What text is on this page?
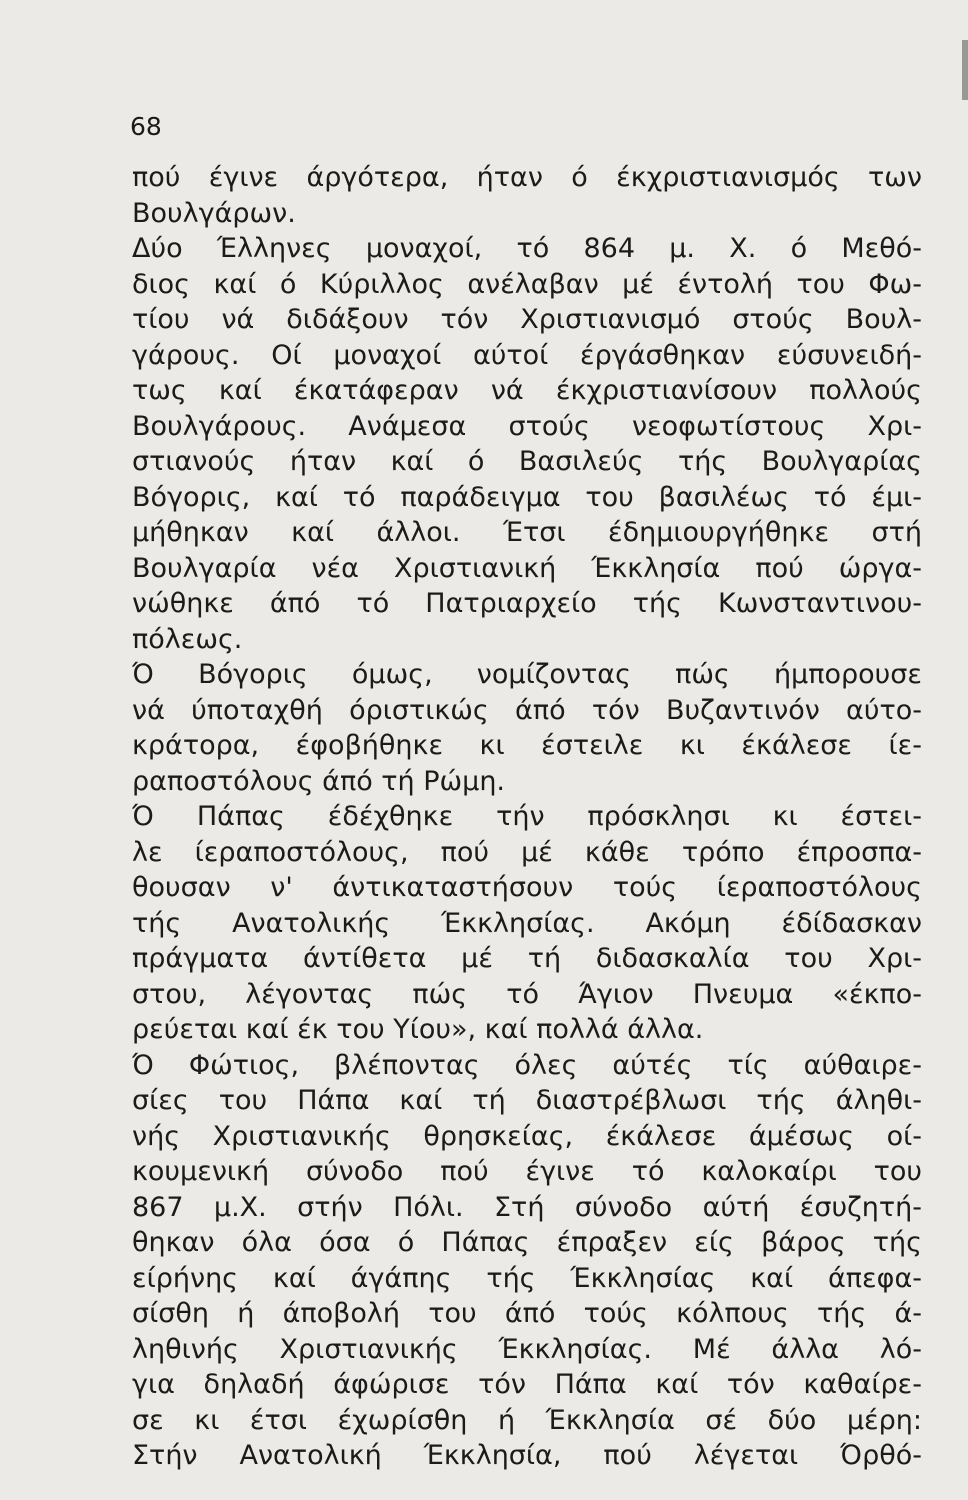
68
πού έγινε άργότερα, ήταν ό έκχριστιανισμός των
Βουλγάρων.
Δύο Έλληνες μοναχοί, τό 864 μ. Χ. ό Μεθό-
διος καί ό Κύριλλος ανέλαβαν μέ έντολή του Φω-
τίου νά διδάξουν τόν Χριστιανισμό στούς Βουλ-
γάρους. Οί μοναχοί αύτοί έργάσθηκαν εύσυνειδή-
τως καί έκατάφεραν νά έκχριστιανίσουν πολλούς
Βουλγάρους. Ανάμεσα στούς νεοφωτίστους Χρι-
στιανούς ήταν καί ό Βασιλεύς τής Βουλγαρίας
Βόγορις, καί τό παράδειγμα του βασιλέως τό έμι-
μήθηκαν καί άλλοι. Έτσι έδημιουργήθηκε στή
Βουλγαρία νέα Χριστιανική Έκκλησία πού ώργα-
νώθηκε άπό τό Πατριαρχείο τής Κωνσταντινου-
πόλεως.
Ό Βόγορις όμως, νομίζοντας πώς ήμπορουσε
νά ύποταχθή όριστικώς άπό τόν Βυζαντινόν αύτο-
κράτορα, έφοβήθηκε κι έστειλε κι έκάλεσε ίε-
ραποστόλους άπό τή Ρώμη.
Ό Πάπας έδέχθηκε τήν πρόσκλησι κι έστει-
λε ίεραποστόλους, πού μέ κάθε τρόπο έπροσπα-
θουσαν ν' άντικαταστήσουν τούς ίεραποστόλους
τής Ανατολικής Έκκλησίας. Ακόμη έδίδασκαν
πράγματα άντίθετα μέ τή διδασκαλία του Χρι-
στου, λέγοντας πώς τό Άγιον Πνευμα «έκπο-
ρεύεται καί έκ του Υίου», καί πολλά άλλα.
Ό Φώτιος, βλέποντας όλες αύτές τίς αύθαιρε-
σίες του Πάπα καί τή διαστρέβλωσι τής άληθι-
νής Χριστιανικής θρησκείας, έκάλεσε άμέσως οί-
κουμενική σύνοδο πού έγινε τό καλοκαίρι του
867 μ.Χ. στήν Πόλι. Στή σύνοδο αύτή έσυζητή-
θηκαν όλα όσα ό Πάπας έπραξεν είς βάρος τής
είρήνης καί άγάπης τής Έκκλησίας καί άπεφα-
σίσθη ή άποβολή του άπό τούς κόλπους τής ά-
ληθινής Χριστιανικής Έκκλησίας. Μέ άλλα λό-
για δηλαδή άφώρισε τόν Πάπα καί τόν καθαίρε-
σε κι έτσι έχωρίσθη ή Έκκλησία σέ δύο μέρη:
Στήν Ανατολική Έκκλησία, πού λέγεται Όρθό-
